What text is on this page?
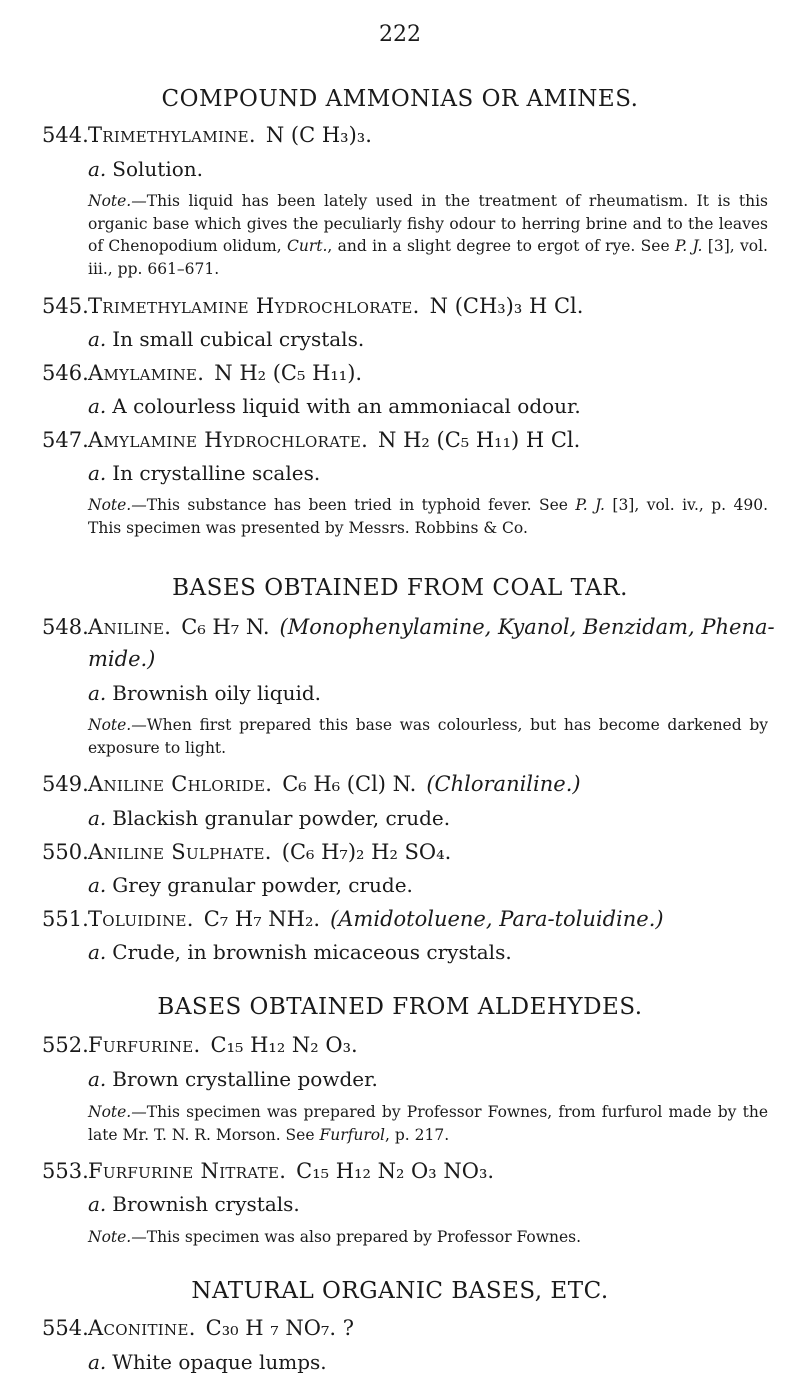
222
COMPOUND AMMONIAS OR AMINES.
544.Trimethylamine. N (C H₃)₃.
a. Solution.
Note.—This liquid has been lately used in the treatment of rheumatism. It is this organic base which gives the peculiarly fishy odour to herring brine and to the leaves of Chenopodium olidum, Curt., and in a slight degree to ergot of rye. See P. J. [3], vol. iii., pp. 661–671.
545.Trimethylamine Hydrochlorate. N (CH₃)₃ H Cl.
a. In small cubical crystals.
546.Amylamine. N H₂ (C₅ H₁₁).
a. A colourless liquid with an ammoniacal odour.
547.Amylamine Hydrochlorate. N H₂ (C₅ H₁₁) H Cl.
a. In crystalline scales.
Note.—This substance has been tried in typhoid fever. See P. J. [3], vol. iv., p. 490. This specimen was presented by Messrs. Robbins & Co.
BASES OBTAINED FROM COAL TAR.
548.Aniline. C₆ H₇ N. (Monophenylamine, Kyanol, Benzidam, Phena-
mide.)
a. Brownish oily liquid.
Note.—When first prepared this base was colourless, but has become darkened by exposure to light.
549.Aniline Chloride. C₆ H₆ (Cl) N. (Chloraniline.)
a. Blackish granular powder, crude.
550.Aniline Sulphate. (C₆ H₇)₂ H₂ SO₄.
a. Grey granular powder, crude.
551.Toluidine. C₇ H₇ NH₂. (Amidotoluene, Para-toluidine.)
a. Crude, in brownish micaceous crystals.
BASES OBTAINED FROM ALDEHYDES.
552.Furfurine. C₁₅ H₁₂ N₂ O₃.
a. Brown crystalline powder.
Note.—This specimen was prepared by Professor Fownes, from furfurol made by the late Mr. T. N. R. Morson. See Furfurol, p. 217.
553.Furfurine Nitrate. C₁₅ H₁₂ N₂ O₃ NO₃.
a. Brownish crystals.
Note.—This specimen was also prepared by Professor Fownes.
NATURAL ORGANIC BASES, ETC.
554.Aconitine. C₃₀ H ₇ NO₇. ?
a. White opaque lumps.
